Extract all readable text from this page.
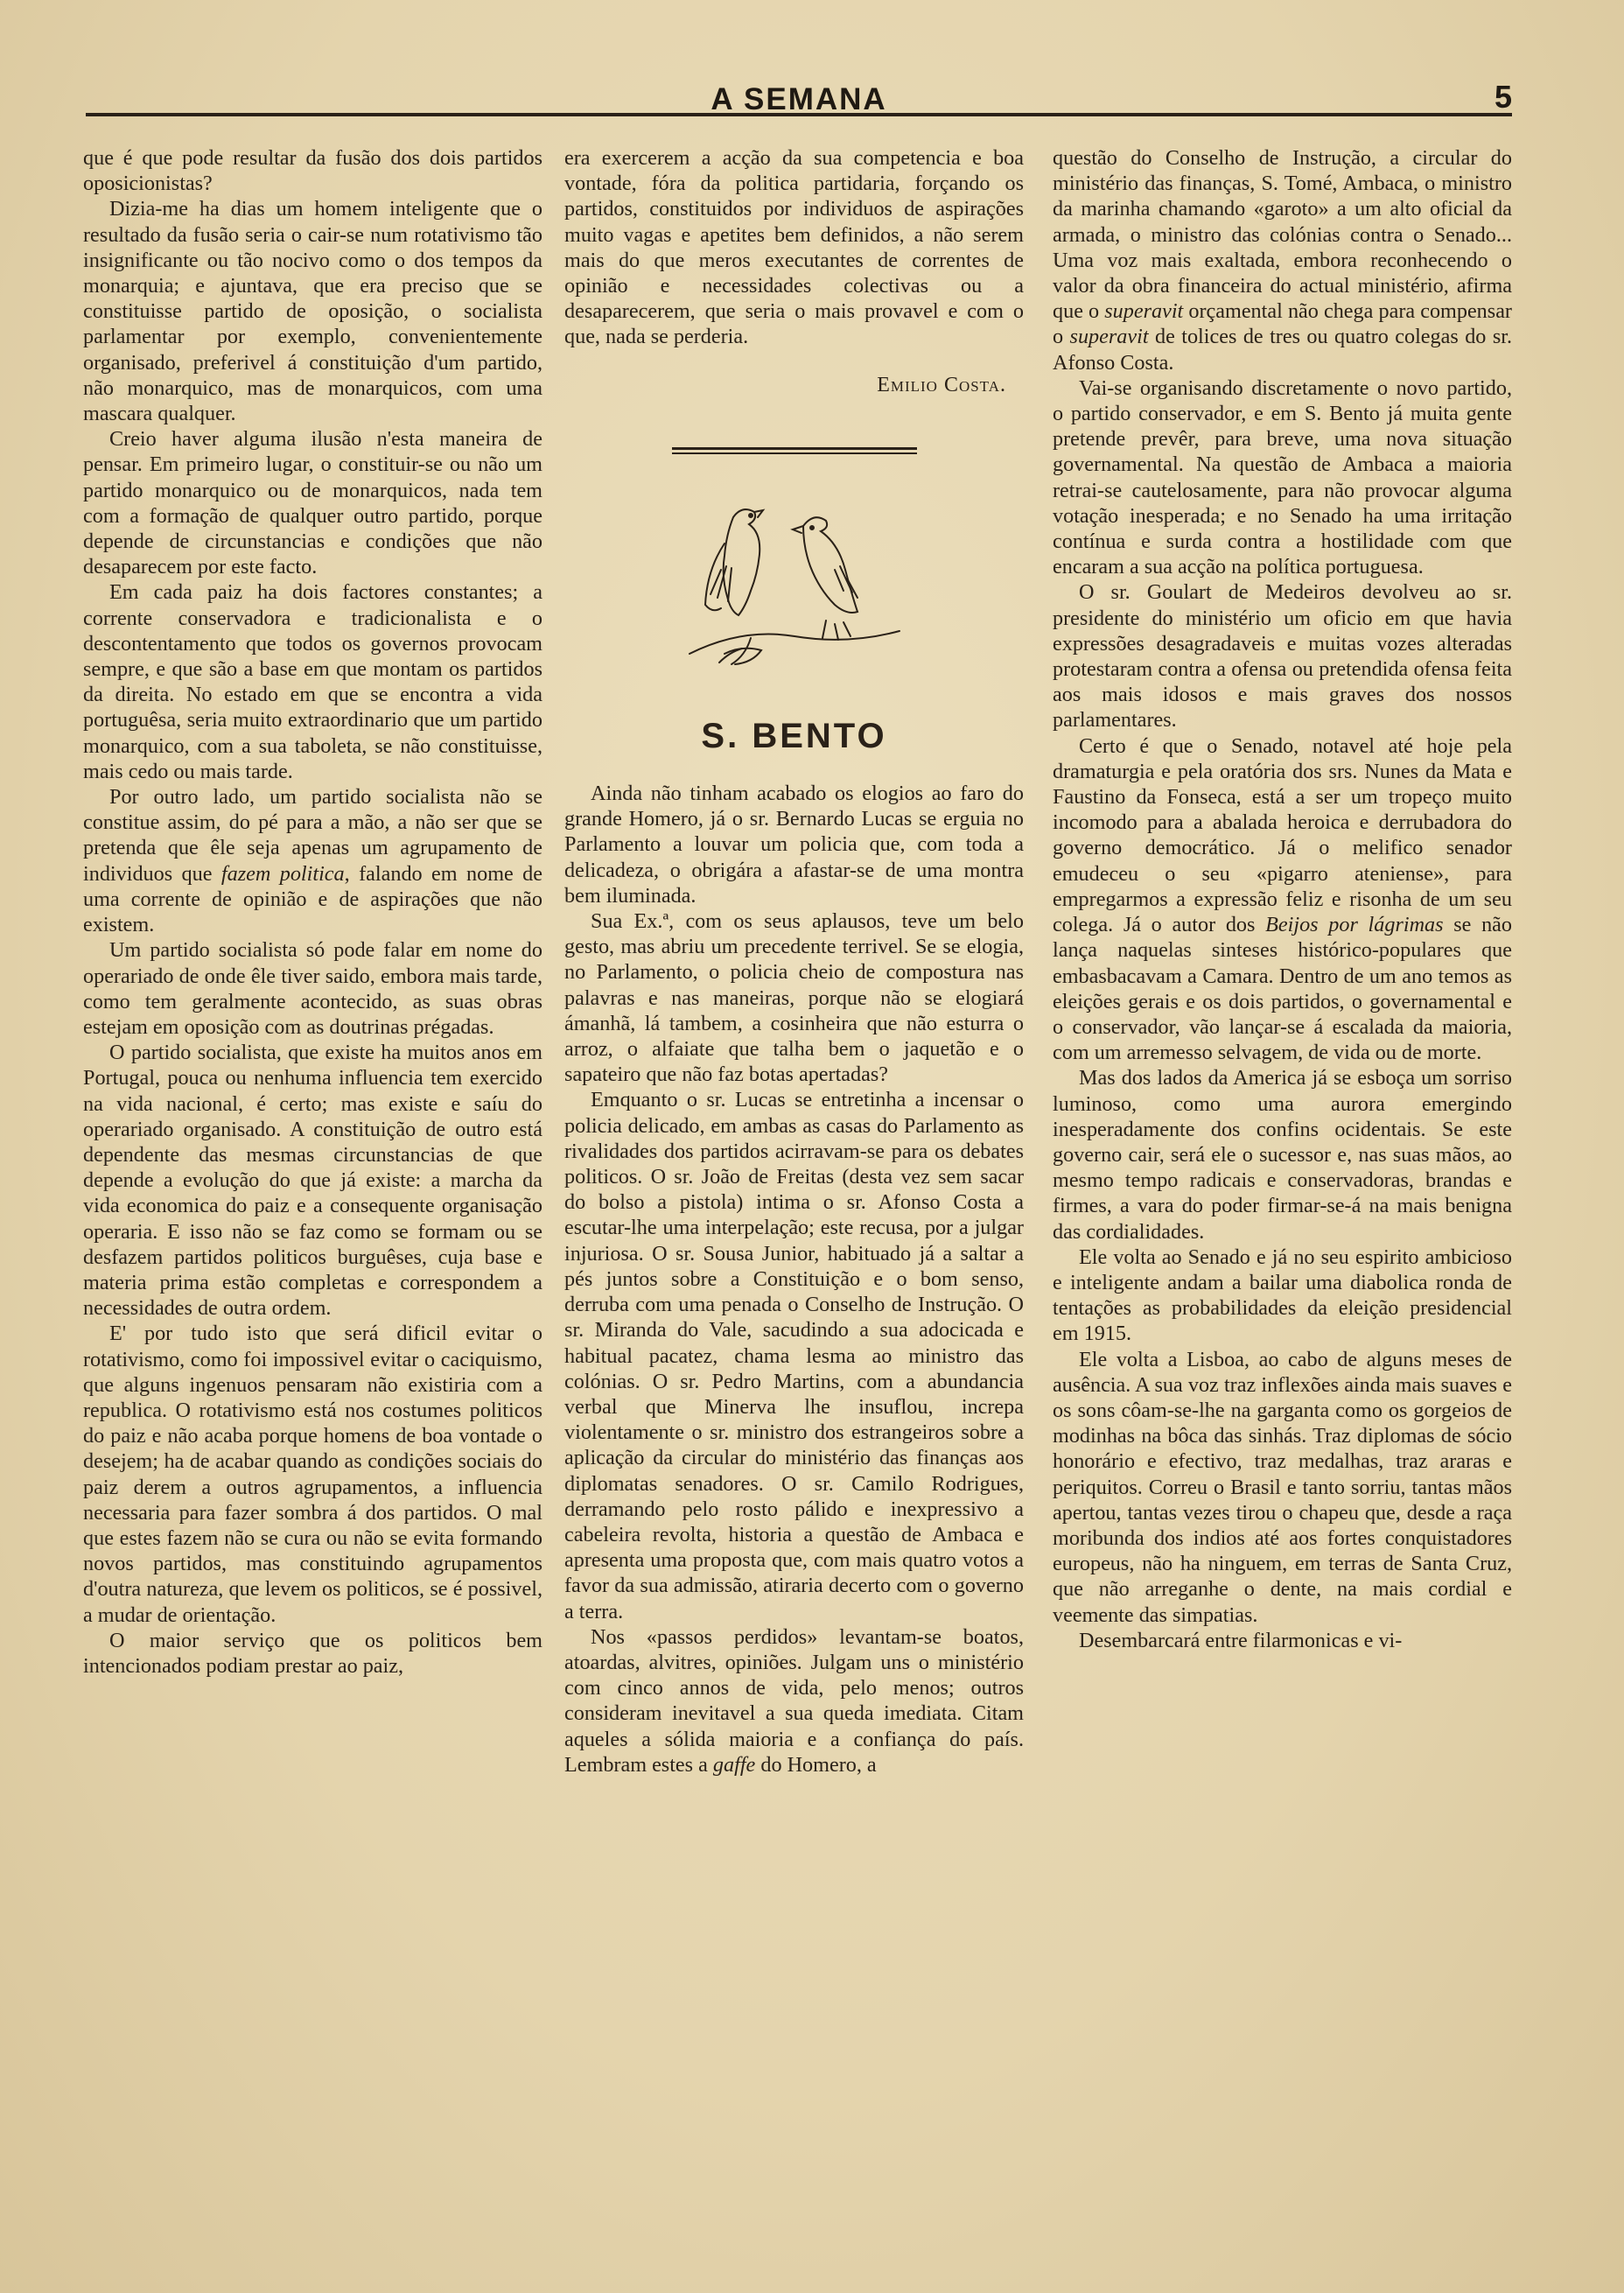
A SEMANA	5

que é que pode resultar da fusão dos dois partidos oposicionistas?

Dizia-me ha dias um homem inteligente que o resultado da fusão seria o cair-se num rotativismo tão insignificante ou tão nocivo como o dos tempos da monarquia; e ajuntava, que era preciso que se constituisse partido de oposição, o socialista parlamentar por exemplo, convenientemente organisado, preferivel á constituição d'um partido, não monarquico, mas de monarquicos, com uma mascara qualquer.

Creio haver alguma ilusão n'esta maneira de pensar. Em primeiro lugar, o constituir-se ou não um partido monarquico ou de monarquicos, nada tem com a formação de qualquer outro partido, porque depende de circunstancias e condições que não desaparecem por este facto.

Em cada paiz ha dois factores constantes; a corrente conservadora e tradicionalista e o descontentamento que todos os governos provocam sempre, e que são a base em que montam os partidos da direita. No estado em que se encontra a vida portuguêsa, seria muito extraordinario que um partido monarquico, com a sua taboleta, se não constituisse, mais cedo ou mais tarde.

Por outro lado, um partido socialista não se constitue assim, do pé para a mão, a não ser que se pretenda que êle seja apenas um agrupamento de individuos que fazem politica, falando em nome de uma corrente de opinião e de aspirações que não existem.

Um partido socialista só pode falar em nome do operariado de onde êle tiver saido, embora mais tarde, como tem geralmente acontecido, as suas obras estejam em oposição com as doutrinas prégadas.

O partido socialista, que existe ha muitos anos em Portugal, pouca ou nenhuma influencia tem exercido na vida nacional, é certo; mas existe e saíu do operariado organisado. A constituição de outro está dependente das mesmas circunstancias de que depende a evolução do que já existe: a marcha da vida economica do paiz e a consequente organisação operaria. E isso não se faz como se formam ou se desfazem partidos politicos burguêses, cuja base e materia prima estão completas e correspondem a necessidades de outra ordem.

E' por tudo isto que será dificil evitar o rotativismo, como foi impossivel evitar o caciquismo, que alguns ingenuos pensaram não existiria com a republica. O rotativismo está nos costumes politicos do paiz e não acaba porque homens de boa vontade o desejem; ha de acabar quando as condições sociais do paiz derem a outros agrupamentos, a influencia necessaria para fazer sombra á dos partidos. O mal que estes fazem não se cura ou não se evita formando novos partidos, mas constituindo agrupamentos d'outra natureza, que levem os politicos, se é possivel, a mudar de orientação.

O maior serviço que os politicos bem intencionados podiam prestar ao paiz,

era exercerem a acção da sua competencia e boa vontade, fóra da politica partidaria, forçando os partidos, constituidos por individuos de aspirações muito vagas e apetites bem definidos, a não serem mais do que meros executantes de correntes de opinião e necessidades colectivas ou a desaparecerem, que seria o mais provavel e com o que, nada se perderia.

Emilio Costa.
S. BENTO

Ainda não tinham acabado os elogios ao faro do grande Homero, já o sr. Bernardo Lucas se erguia no Parlamento a louvar um policia que, com toda a delicadeza, o obrigára a afastar-se de uma montra bem iluminada.

Sua Ex.ª, com os seus aplausos, teve um belo gesto, mas abriu um precedente terrivel. Se se elogia, no Parlamento, o policia cheio de compostura nas palavras e nas maneiras, porque não se elogiará ámanhã, lá tambem, a cosinheira que não esturra o arroz, o alfaiate que talha bem o jaquetão e o sapateiro que não faz botas apertadas?

Emquanto o sr. Lucas se entretinha a incensar o policia delicado, em ambas as casas do Parlamento as rivalidades dos partidos acirravam-se para os debates politicos. O sr. João de Freitas (desta vez sem sacar do bolso a pistola) intima o sr. Afonso Costa a escutar-lhe uma interpelação; este recusa, por a julgar injuriosa. O sr. Sousa Junior, habituado já a saltar a pés juntos sobre a Constituição e o bom senso, derruba com uma penada o Conselho de Instrução. O sr. Miranda do Vale, sacudindo a sua adocicada e habitual pacatez, chama lesma ao ministro das colónias. O sr. Pedro Martins, com a abundancia verbal que Minerva lhe insuflou, increpa violentamente o sr. ministro dos estrangeiros sobre a aplicação da circular do ministério das finanças aos diplomatas senadores. O sr. Camilo Rodrigues, derramando pelo rosto pálido e inexpressivo a cabeleira revolta, historia a questão de Ambaca e apresenta uma proposta que, com mais quatro votos a favor da sua admissão, atiraria decerto com o governo a terra.

Nos «passos perdidos» levantam-se boatos, atoardas, alvitres, opiniões. Julgam uns o ministério com cinco annos de vida, pelo menos; outros consideram inevitavel a sua queda imediata. Citam aqueles a sólida maioria e a confiança do país. Lembram estes a gaffe do Homero, a

questão do Conselho de Instrução, a circular do ministério das finanças, S. Tomé, Ambaca, o ministro da marinha chamando «garoto» a um alto oficial da armada, o ministro das colónias contra o Senado... Uma voz mais exaltada, embora reconhecendo o valor da obra financeira do actual ministério, afirma que o superavit orçamental não chega para compensar o superavit de tolices de tres ou quatro colegas do sr. Afonso Costa.

Vai-se organisando discretamente o novo partido, o partido conservador, e em S. Bento já muita gente pretende prevêr, para breve, uma nova situação governamental. Na questão de Ambaca a maioria retrai-se cautelosamente, para não provocar alguma votação inesperada; e no Senado ha uma irritação contínua e surda contra a hostilidade com que encaram a sua acção na política portuguesa.

O sr. Goulart de Medeiros devolveu ao sr. presidente do ministério um oficio em que havia expressões desagradaveis e muitas vozes alteradas protestaram contra a ofensa ou pretendida ofensa feita aos mais idosos e mais graves dos nossos parlamentares.

Certo é que o Senado, notavel até hoje pela dramaturgia e pela oratória dos srs. Nunes da Mata e Faustino da Fonseca, está a ser um tropeço muito incomodo para a abalada heroica e derrubadora do governo democrático. Já o melifico senador emudeceu o seu «pigarro ateniense», para empregarmos a expressão feliz e risonha de um seu colega. Já o autor dos Beijos por lágrimas se não lança naquelas sinteses histórico-populares que embasbacavam a Camara. Dentro de um ano temos as eleições gerais e os dois partidos, o governamental e o conservador, vão lançar-se á escalada da maioria, com um arremesso selvagem, de vida ou de morte.

Mas dos lados da America já se esboça um sorriso luminoso, como uma aurora emergindo inesperadamente dos confins ocidentais. Se este governo cair, será ele o sucessor e, nas suas mãos, ao mesmo tempo radicais e conservadoras, brandas e firmes, a vara do poder firmar-se-á na mais benigna das cordialidades.

Ele volta ao Senado e já no seu espirito ambicioso e inteligente andam a bailar uma diabolica ronda de tentações as probabilidades da eleição presidencial em 1915.

Ele volta a Lisboa, ao cabo de alguns meses de ausência. A sua voz traz inflexões ainda mais suaves e os sons côam-se-lhe na garganta como os gorgeios de modinhas na bôca das sinhás. Traz diplomas de sócio honorário e efectivo, traz medalhas, traz araras e periquitos. Correu o Brasil e tanto sorriu, tantas mãos apertou, tantas vezes tirou o chapeu que, desde a raça moribunda dos indios até aos fortes conquistadores europeus, não ha ninguem, em terras de Santa Cruz, que não arreganhe o dente, na mais cordial e veemente das simpatias.

Desembarcará entre filarmonicas e vi-
